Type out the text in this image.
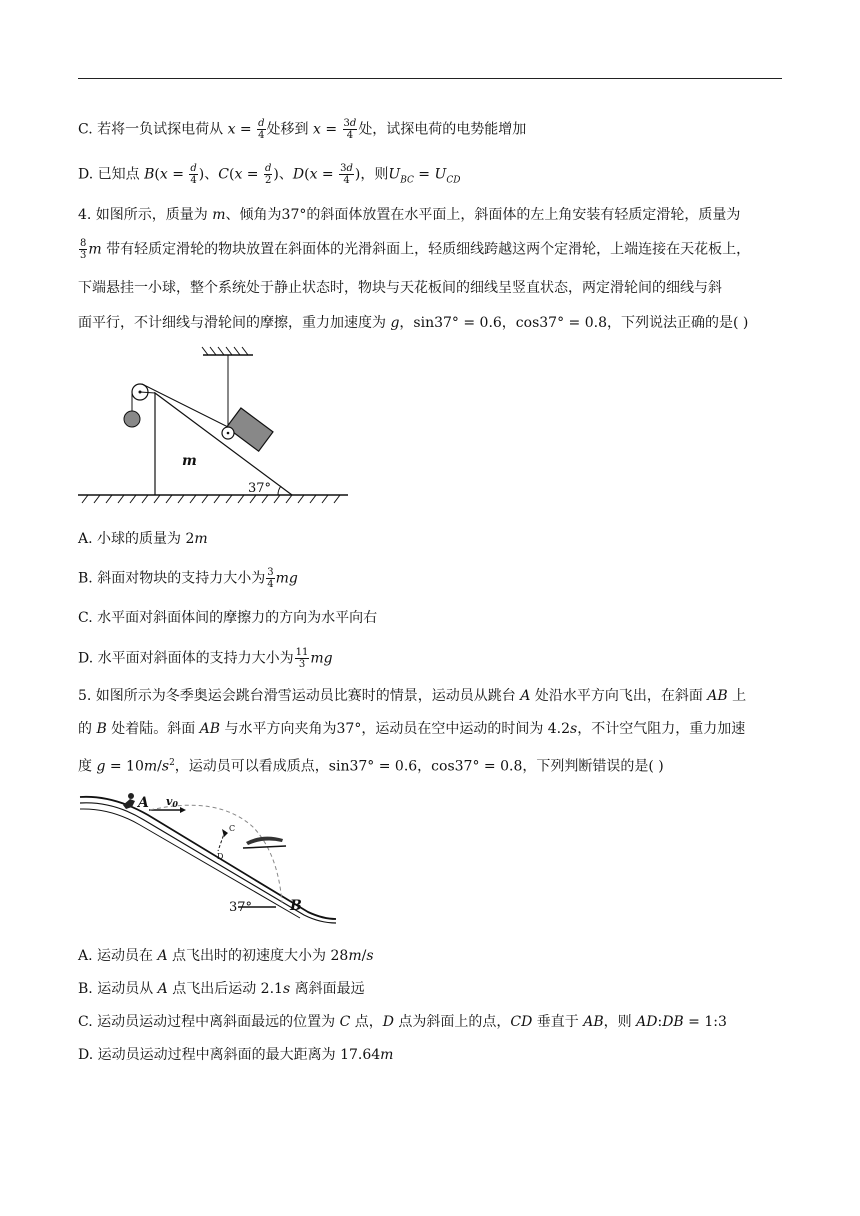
C. 若将一负试探电荷从 $x = \frac{d}{4}$ 处移到 $x = \frac{3d}{4}$ 处，试探电荷的电势能增加
D. 已知点 $B(x = \frac{d}{4}$ )、$C(x = \frac{d}{2}$ )、$D(x = \frac{3d}{4}$ )，则$U_{BC} = U_{CD}$
4. 如图所示，质量为 m、倾角为37°的斜面体放置在水平面上，斜面体的左上角安装有轻质定滑轮，质量为
$\frac{8}{3}$ m 带有轻质定滑轮的物块放置在斜面体的光滑斜面上，轻质细线跨越这两个定滑轮，上端连接在天花板上，
下端悬挂一小球，整个系统处于静止状态时，物块与天花板间的细线呈竖直状态，两定滑轮间的细线与斜
面平行，不计细线与滑轮间的摩擦，重力加速度为 g，sin37° = 0.6，cos37° = 0.8，下列说法正确的是( )
m
37°
A. 小球的质量为 2m
B. 斜面对物块的支持力大小为 $\frac{3}{4}$ mg
C. 水平面对斜面体间的摩擦力的方向为水平向右
D. 水平面对斜面体的支持力大小为 $\frac{11}{3}$ mg
5. 如图所示为冬季奥运会跳台滑雪运动员比赛时的情景，运动员从跳台 A 处沿水平方向飞出，在斜面 AB 上
的 B 处着陆。斜面 AB 与水平方向夹角为37°，运动员在空中运动的时间为 4.2s，不计空气阻力，重力加速
度 $g = 10m/s^2$，运动员可以看成质点，sin37° = 0.6，cos37° = 0.8，下列判断错误的是( )
A v0
C
D
37°	B
A. 运动员在 A 点飞出时的初速度大小为 28m/s
B. 运动员从 A 点飞出后运动 2.1s 离斜面最远
C. 运动员运动过程中离斜面最远的位置为 C 点，D 点为斜面上的点，CD 垂直于 AB，则 AD:DB = 1:3
D. 运动员运动过程中离斜面的最大距离为 17.64m
